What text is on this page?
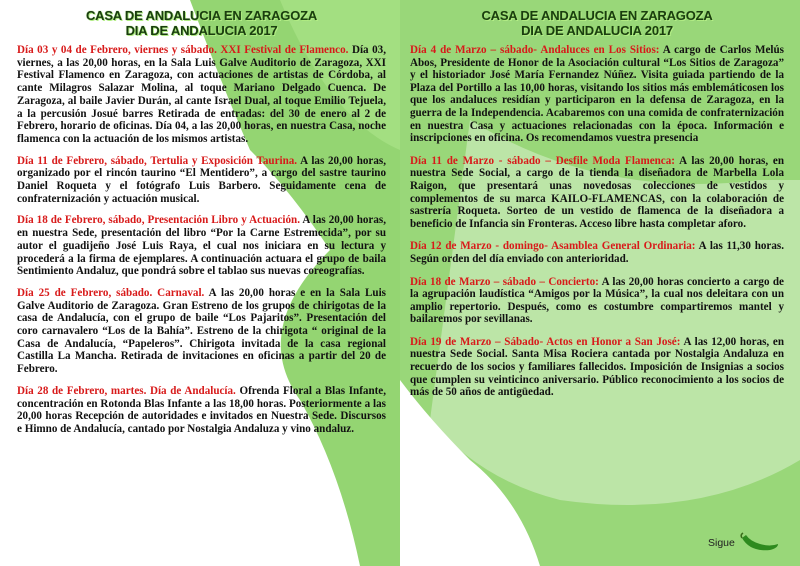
CASA DE ANDALUCIA EN ZARAGOZA
DIA DE ANDALUCIA 2017

Día 03 y 04 de Febrero, viernes y sábado. XXI Festival de Flamenco. Día 03, viernes, a las 20,00 horas, en la Sala Luis Galve Auditorio de Zaragoza, XXI Festival Flamenco en Zaragoza, con actuaciones de artistas de Córdoba, al cante Milagros Salazar Molina, al toque Mariano Delgado Cuenca. De Zaragoza, al baile Javier Durán, al cante Israel Dual, al toque Emilio Tejuela, a la percusión Josué barres Retirada de entradas: del 30 de enero al 2 de Febrero, horario de oficinas. Día 04, a las 20,00 horas, en nuestra Casa, noche flamenca con la actuación de los mismos artistas.

Día 11 de Febrero, sábado, Tertulia y Exposición Taurina. A las 20,00 horas, organizado por el rincón taurino “El Mentidero”, a cargo del sastre taurino Daniel Roqueta y el fotógrafo Luis Barbero. Seguidamente cena de confraternización y actuación musical.

Día 18 de Febrero, sábado, Presentación Libro y Actuación. A las 20,00 horas, en nuestra Sede, presentación del libro “Por la Carne Estremecida”, por su autor el guadijeño José Luis Raya, el cual nos iniciara en su lectura y procederá a la firma de ejemplares. A continuación actuara el grupo de baila Sentimiento Andaluz, que pondrá sobre el tablao sus nuevas coreografías.

Día 25 de Febrero, sábado. Carnaval. A las 20,00 horas e en la Sala Luis Galve Auditorio de Zaragoza. Gran Estreno de los grupos de chirigotas de la casa de Andalucía, con el grupo de baile “Los Pajaritos”. Presentación del coro carnavalero “Los de la Bahía”. Estreno de la chirigota “ original de la Casa de Andalucía, “Papeleros”. Chirigota invitada de la casa regional Castilla La Mancha. Retirada de invitaciones en oficinas a partir del 20 de Febrero.

Día 28 de Febrero, martes. Día de Andalucía. Ofrenda Floral a Blas Infante, concentración en Rotonda Blas Infante a las 18,00 horas. Posteriormente a las 20,00 horas Recepción de autoridades e invitados en Nuestra Sede. Discursos e Himno de Andalucía, cantado por Nostalgia Andaluza y vino andaluz.

CASA DE ANDALUCIA EN ZARAGOZA
DIA DE ANDALUCIA 2017

Día 4 de Marzo – sábado- Andaluces en Los Sitios: A cargo de Carlos Melús Abos, Presidente de Honor de la Asociación cultural “Los Sitios de Zaragoza” y el historiador José María Fernandez Núñez. Visita guiada partiendo de la Plaza del Portillo a las 10,00 horas, visitando los sitios más emblemáticosen los que los andaluces residían y participaron en la defensa de Zaragoza, en la guerra de la Independencia. Acabaremos con una comida de confraternización en nuestra Casa y actuaciones relacionadas con la época. Información e inscripciones en oficina. Os recomendamos vuestra presencia

Día 11 de Marzo - sábado – Desfile Moda Flamenca: A las 20,00 horas, en nuestra Sede Social, a cargo de la tienda la diseñadora de Marbella Lola Raigon, que presentará unas novedosas colecciones de vestidos y complementos de su marca KAILO-FLAMENCAS, con la colaboración de sastrería Roqueta. Sorteo de un vestido de flamenca de la diseñadora a beneficio de Infancia sin Fronteras. Acceso libre hasta completar aforo.

Día 12 de Marzo - domingo- Asamblea General Ordinaria: A las 11,30 horas. Según orden del día enviado con anterioridad.

Día 18 de Marzo – sábado – Concierto: A las 20,00 horas concierto a cargo de la agrupación laudística “Amigos por la Música”, la cual nos deleitara con un amplio repertorio. Después, como es costumbre compartiremos mantel y bailaremos por sevillanas.

Día 19 de Marzo – Sábado- Actos en Honor a San José: A las 12,00 horas, en nuestra Sede Social. Santa Misa Rociera cantada por Nostalgia Andaluza en recuerdo de los socios y familiares fallecidos. Imposición de Insignias a socios que cumplen su veinticinco aniversario. Público reconocimiento a los socios de más de 50 años de antigüedad.

Sigue
